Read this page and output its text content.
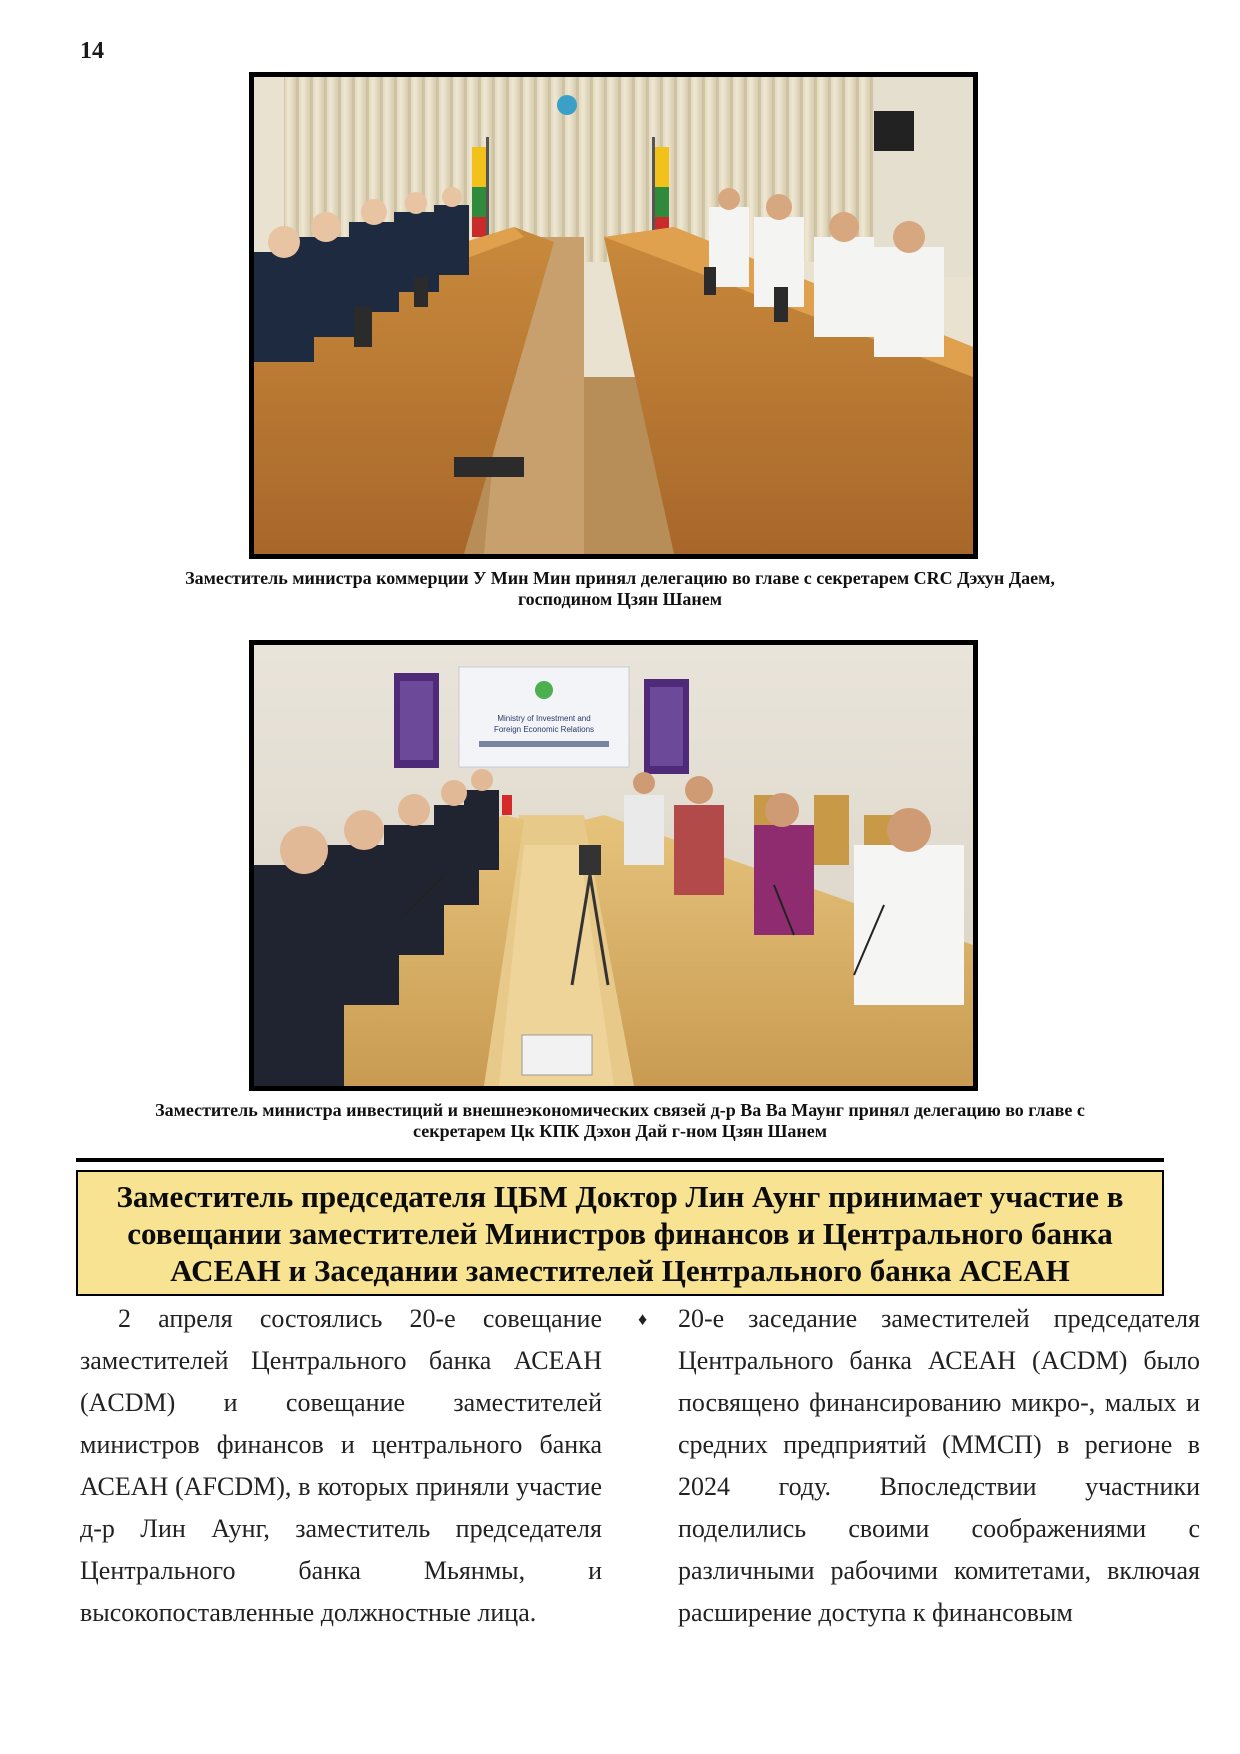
14
Заместитель министра коммерции У Мин Мин принял делегацию во главе с секретарем CRC Дэхун Даем, господином Цзян Шанем
Ministry of Investment and
Foreign Economic Relations
Заместитель министра инвестиций и внешнеэкономических связей д-р Ва Ва Маунг принял делегацию во главе с секретарем Цк КПК Дэхон Дай г-ном Цзян Шанем
Заместитель председателя ЦБМ Доктор Лин Аунг принимает участие в совещании заместителей Министров финансов и Центрального банка АСЕАН и Заседании заместителей Центрального банка АСЕАН

2 апреля состоялись 20-е совещание заместителей Центрального банка АСЕАН (ACDM) и совещание заместителей министров финансов и центрального банка АСЕАН (AFCDM), в которых приняли участие д-р Лин Аунг, заместитель председателя Центрального банка Мьянмы, и высокопоставленные должностные лица.

♦ 20-е заседание заместителей председателя Центрального банка АСЕАН (ACDM) было посвящено финансированию микро-, малых и средних предприятий (ММСП) в регионе в 2024 году. Впоследствии участники поделились своими соображениями с различными рабочими комитетами, включая расширение доступа к финансовым
